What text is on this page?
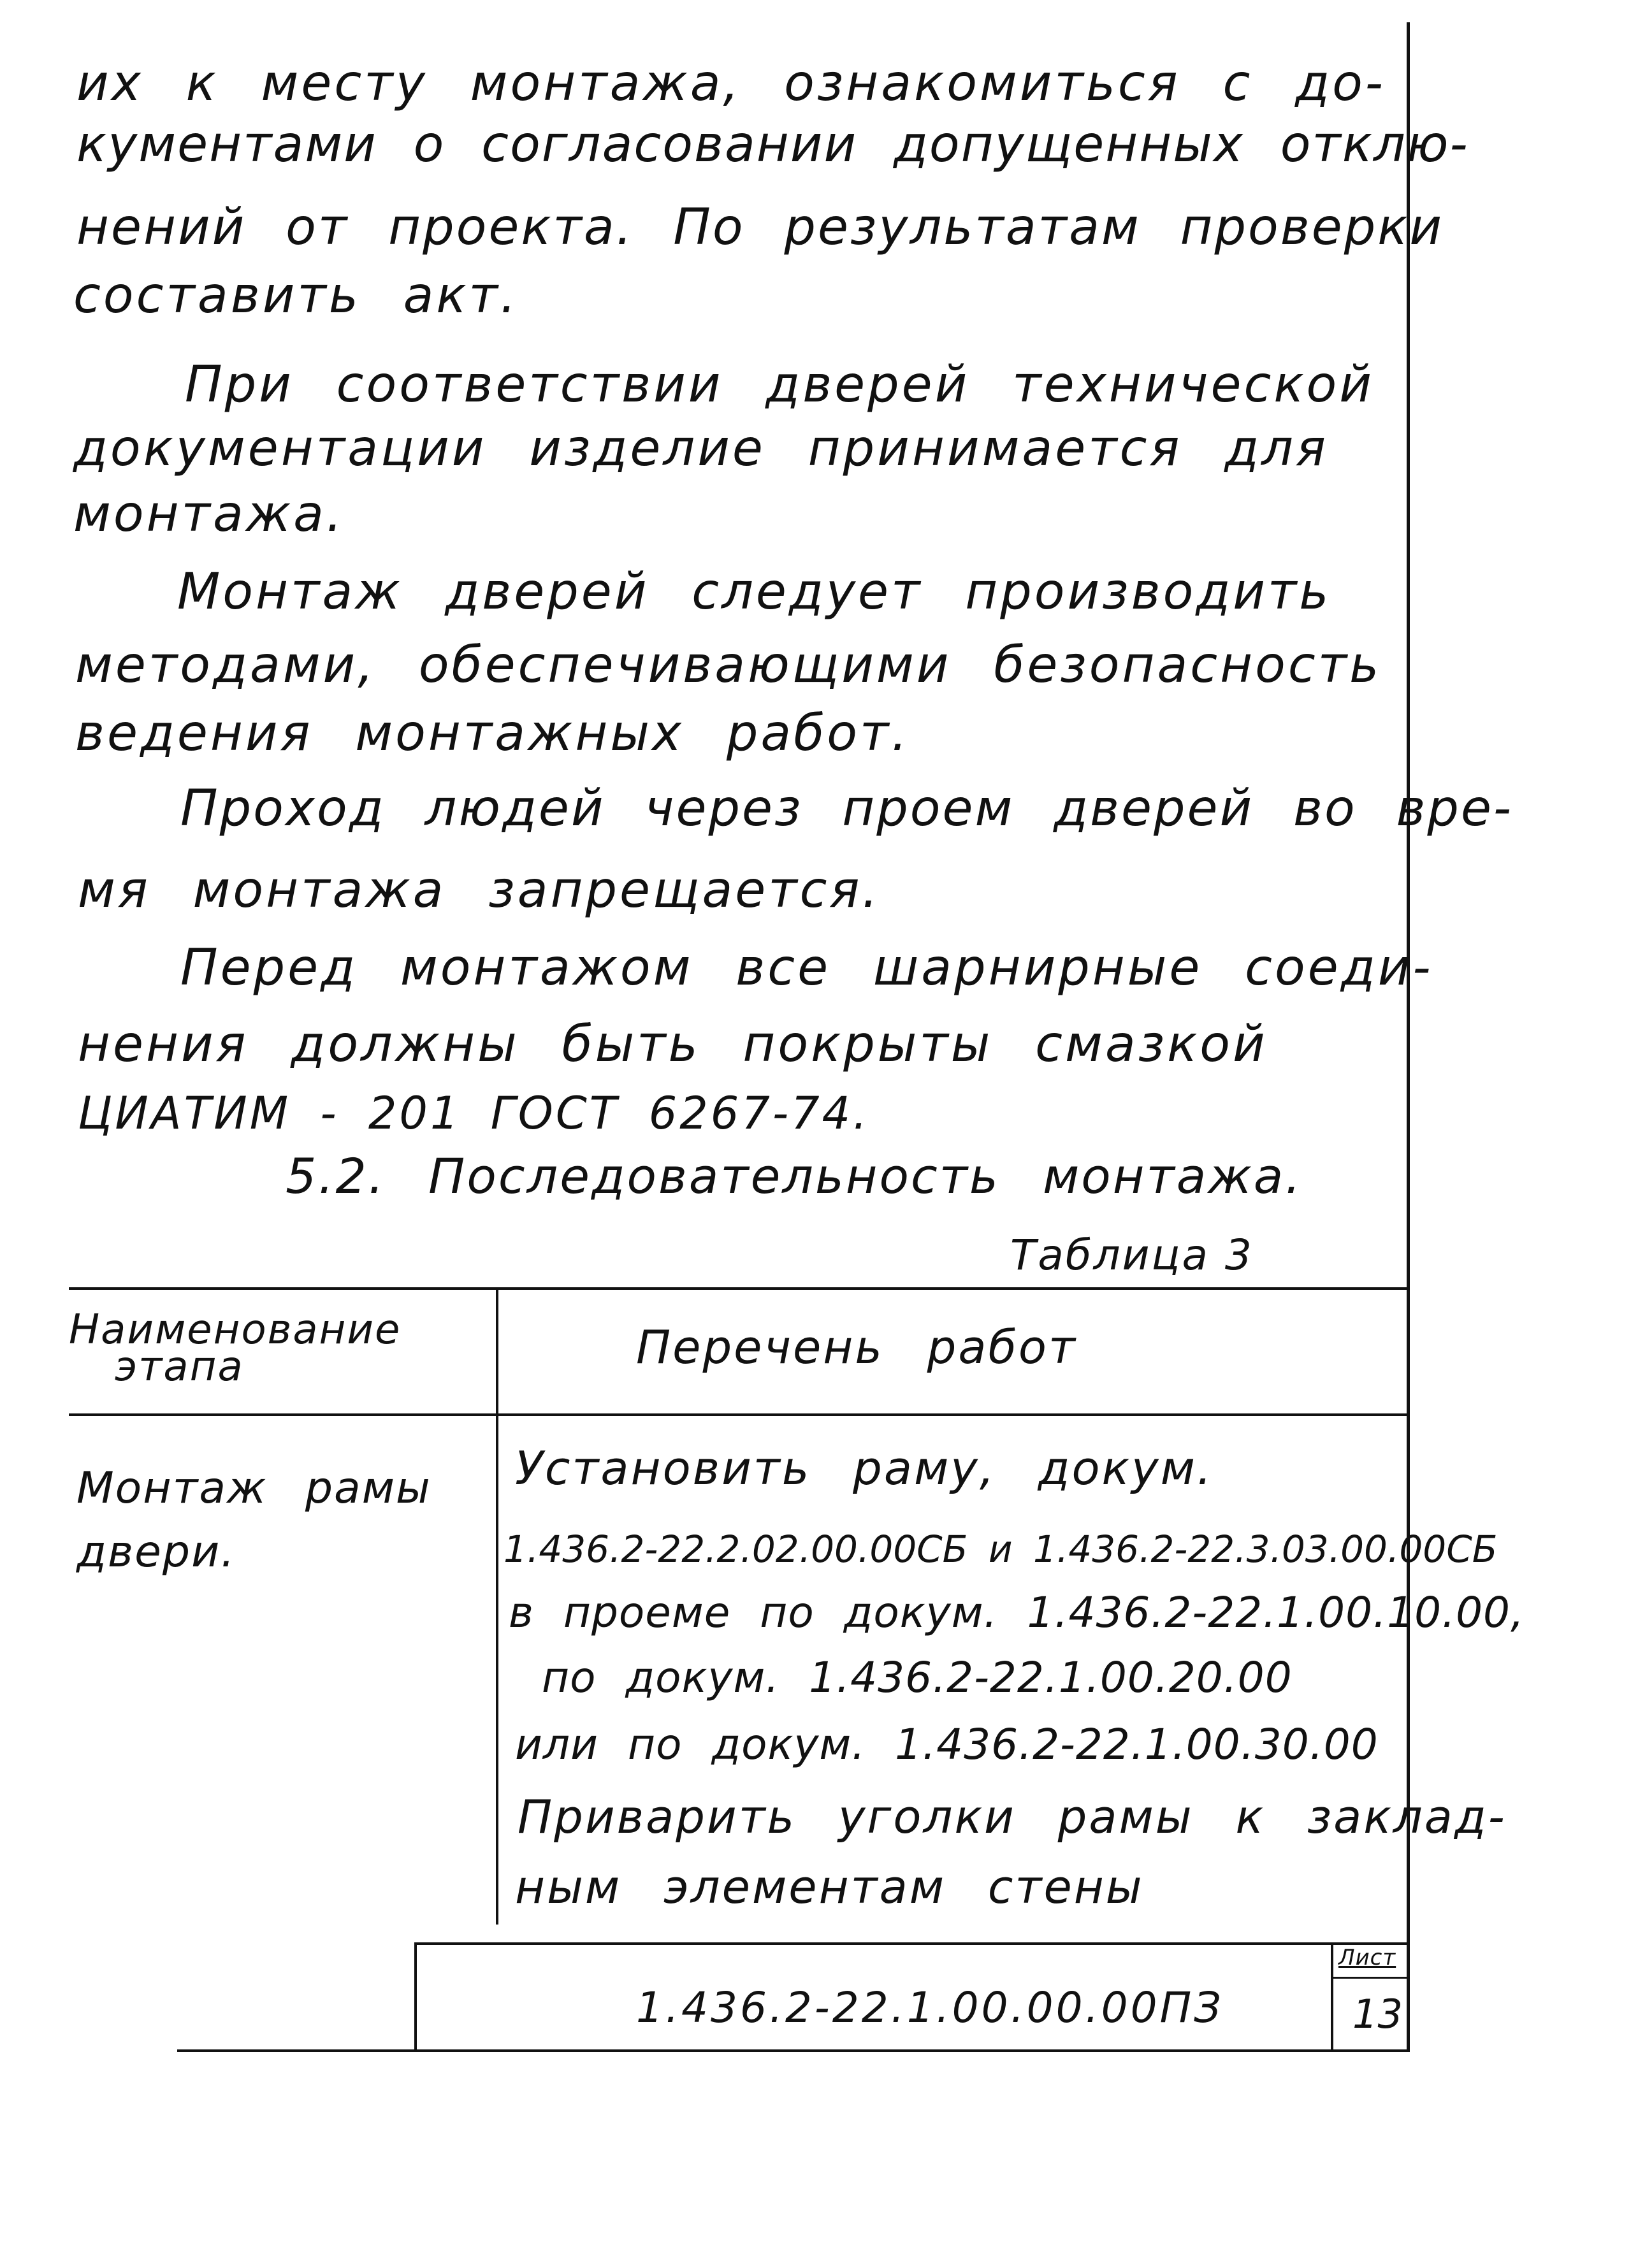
их к месту монтажа, ознакомиться с до-

кументами о согласовании допущенных отклю-

нений от проекта. По результатам проверки

составить акт.

При соответствии дверей технической

документации изделие принимается для

монтажа.

Монтаж дверей следует производить

методами, обеспечивающими безопасность

ведения монтажных работ.

Проход людей через проем дверей во вре-

мя монтажа запрещается.

Перед монтажом все шарнирные соеди-

нения должны быть покрыты смазкой

ЦИАТИМ - 201 ГОСТ 6267-74.

5.2. Последовательность монтажа.

Таблица 3

Наименование
этапа	Перечень работ

Монтаж рамы
двери.

Установить раму, докум.

1.436.2-22.2.02.00.00СБ и 1.436.2-22.3.03.00.00СБ

в проеме по докум. 1.436.2-22.1.00.10.00,

по докум. 1.436.2-22.1.00.20.00

или по докум. 1.436.2-22.1.00.30.00

Приварить уголки рамы к заклад-

ным элементам стены

1.436.2-22.1.00.00.00ПЗ

Лист

13
